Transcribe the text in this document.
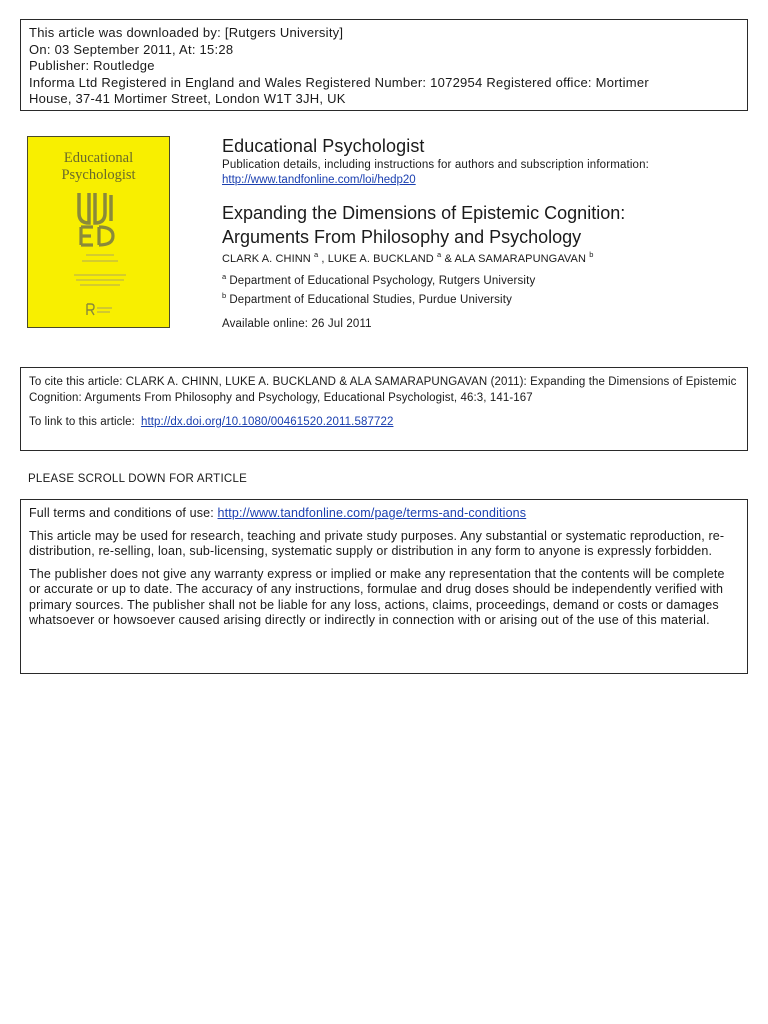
This article was downloaded by: [Rutgers University]
On: 03 September 2011, At: 15:28
Publisher: Routledge
Informa Ltd Registered in England and Wales Registered Number: 1072954 Registered office: Mortimer
House, 37-41 Mortimer Street, London W1T 3JH, UK
Educational
Psychologist
Educational Psychologist
Publication details, including instructions for authors and subscription information:
http://www.tandfonline.com/loi/hedp20
Expanding the Dimensions of Epistemic Cognition:
Arguments From Philosophy and Psychology
CLARK A. CHINN $^a$ , LUKE A. BUCKLAND $^a$ & ALA SAMARAPUNGAVAN $^b$
$^a$ Department of Educational Psychology, Rutgers University
$^b$ Department of Educational Studies, Purdue University
Available online: 26 Jul 2011
To cite this article: CLARK A. CHINN, LUKE A. BUCKLAND & ALA SAMARAPUNGAVAN (2011): Expanding the Dimensions of Epistemic Cognition: Arguments From Philosophy and Psychology, Educational Psychologist, 46:3, 141-167
To link to this article: http://dx.doi.org/10.1080/00461520.2011.587722
PLEASE SCROLL DOWN FOR ARTICLE

Full terms and conditions of use: http://www.tandfonline.com/page/terms-and-conditions

This article may be used for research, teaching and private study purposes. Any substantial or systematic reproduction, re-distribution, re-selling, loan, sub-licensing, systematic supply or distribution in any form to anyone is expressly forbidden.

The publisher does not give any warranty express or implied or make any representation that the contents will be complete or accurate or up to date. The accuracy of any instructions, formulae and drug doses should be independently verified with primary sources. The publisher shall not be liable for any loss, actions, claims, proceedings, demand or costs or damages whatsoever or howsoever caused arising directly or indirectly in connection with or arising out of the use of this material.
